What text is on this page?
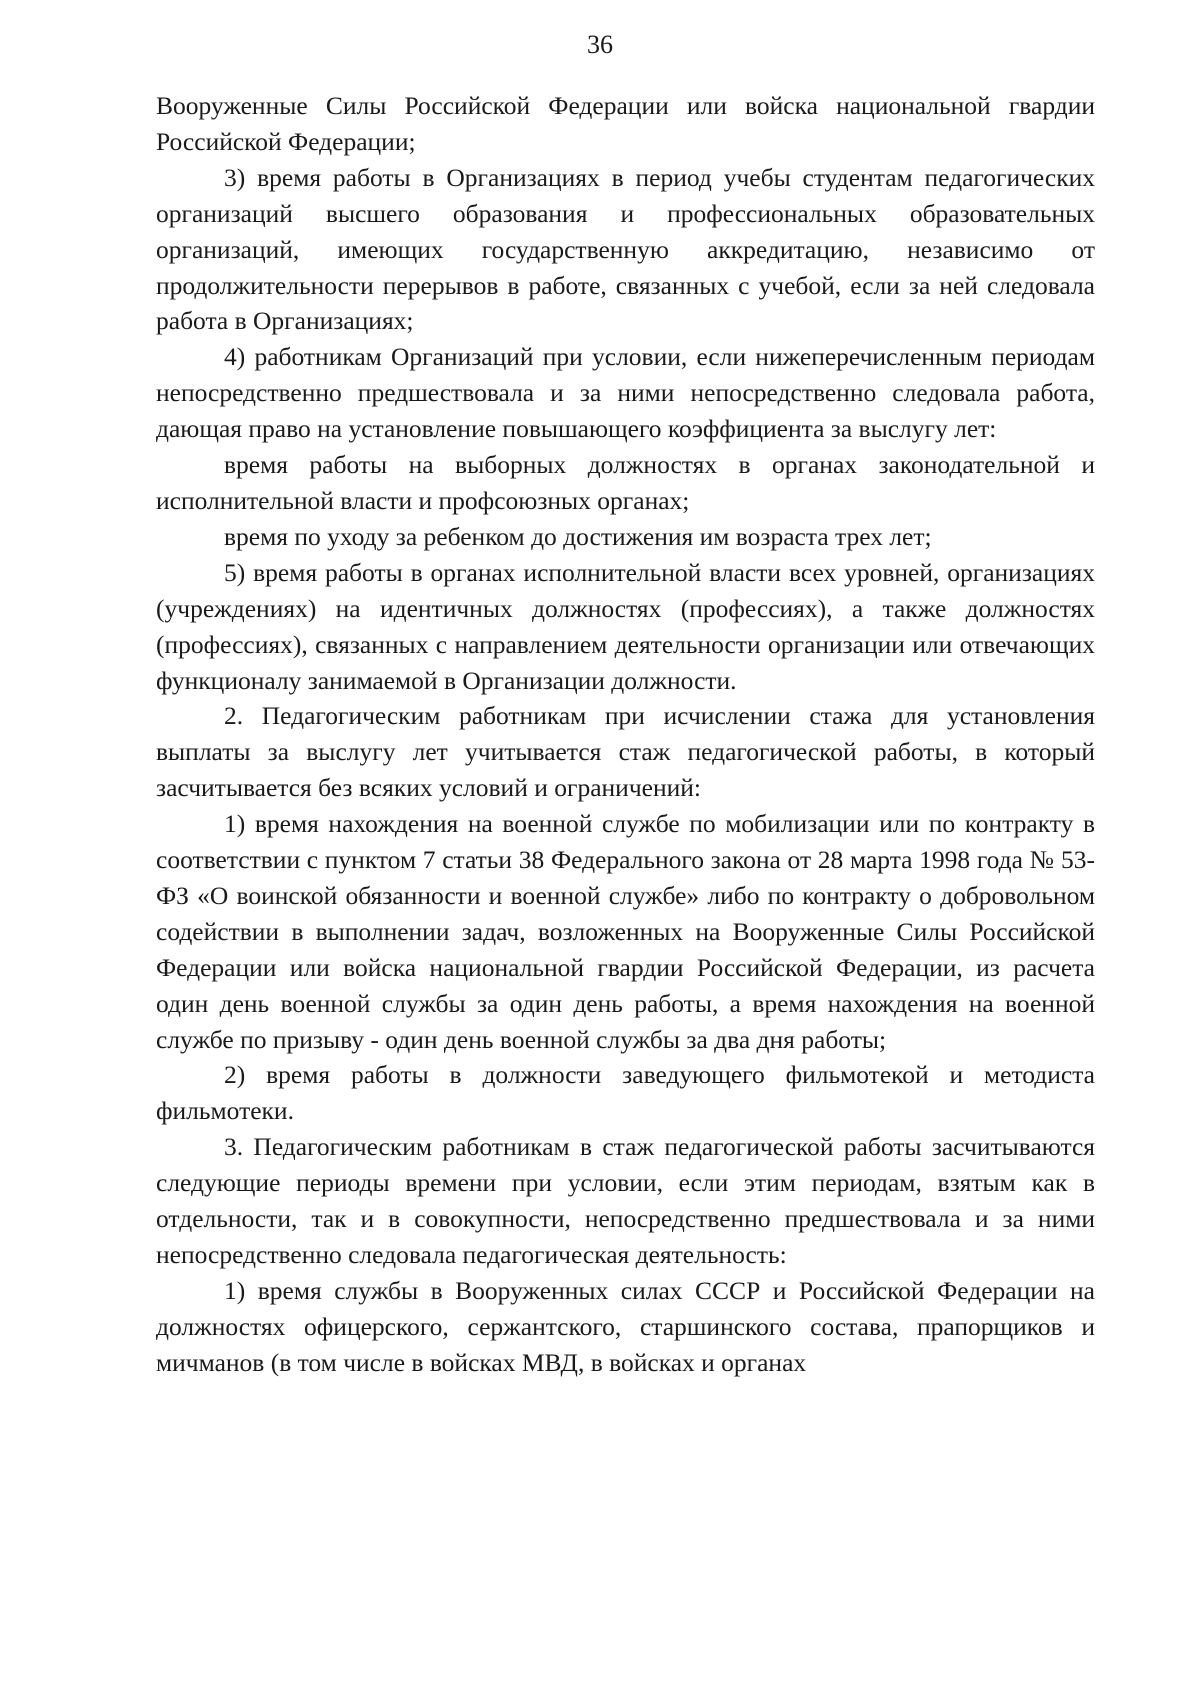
36

Вооруженные Силы Российской Федерации или войска национальной гвардии Российской Федерации;

3) время работы в Организациях в период учебы студентам педагогических организаций высшего образования и профессиональных образовательных организаций, имеющих государственную аккредитацию, независимо от продолжительности перерывов в работе, связанных с учебой, если за ней следовала работа в Организациях;

4) работникам Организаций при условии, если нижеперечисленным периодам непосредственно предшествовала и за ними непосредственно следовала работа, дающая право на установление повышающего коэффициента за выслугу лет:

время работы на выборных должностях в органах законодательной и исполнительной власти и профсоюзных органах;

время по уходу за ребенком до достижения им возраста трех лет;

5) время работы в органах исполнительной власти всех уровней, организациях (учреждениях) на идентичных должностях (профессиях), а также должностях (профессиях), связанных с направлением деятельности организации или отвечающих функционалу занимаемой в Организации должности.

2. Педагогическим работникам при исчислении стажа для установления выплаты за выслугу лет учитывается стаж педагогической работы, в который засчитывается без всяких условий и ограничений:

1) время нахождения на военной службе по мобилизации или по контракту в соответствии с пунктом 7 статьи 38 Федерального закона от 28 марта 1998 года № 53-ФЗ «О воинской обязанности и военной службе» либо по контракту о добровольном содействии в выполнении задач, возложенных на Вооруженные Силы Российской Федерации или войска национальной гвардии Российской Федерации, из расчета один день военной службы за один день работы, а время нахождения на военной службе по призыву - один день военной службы за два дня работы;

2) время работы в должности заведующего фильмотекой и методиста фильмотеки.

3. Педагогическим работникам в стаж педагогической работы засчитываются следующие периоды времени при условии, если этим периодам, взятым как в отдельности, так и в совокупности, непосредственно предшествовала и за ними непосредственно следовала педагогическая деятельность:

1) время службы в Вооруженных силах СССР и Российской Федерации на должностях офицерского, сержантского, старшинского состава, прапорщиков и мичманов (в том числе в войсках МВД, в войсках и органах
